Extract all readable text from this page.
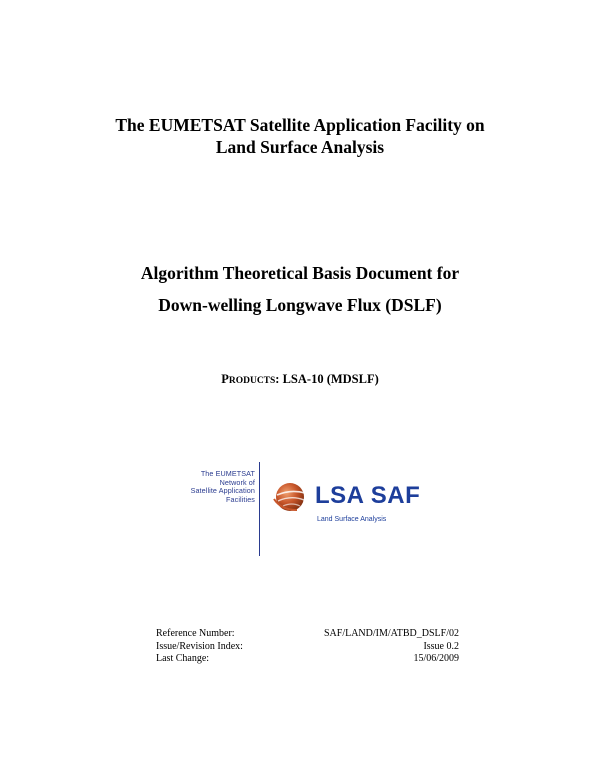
The EUMETSAT Satellite Application Facility on
Land Surface Analysis
Algorithm Theoretical Basis Document for
Down-welling Longwave Flux (DSLF)
PRODUCTS: LSA-10 (MDSLF)
The EUMETSAT
Network of
Satellite Application
Facilities	LSA SAF
Land Surface Analysis
Reference Number:	SAF/LAND/IM/ATBD_DSLF/02
Issue/Revision Index:	Issue 0.2
Last Change:	15/06/2009
